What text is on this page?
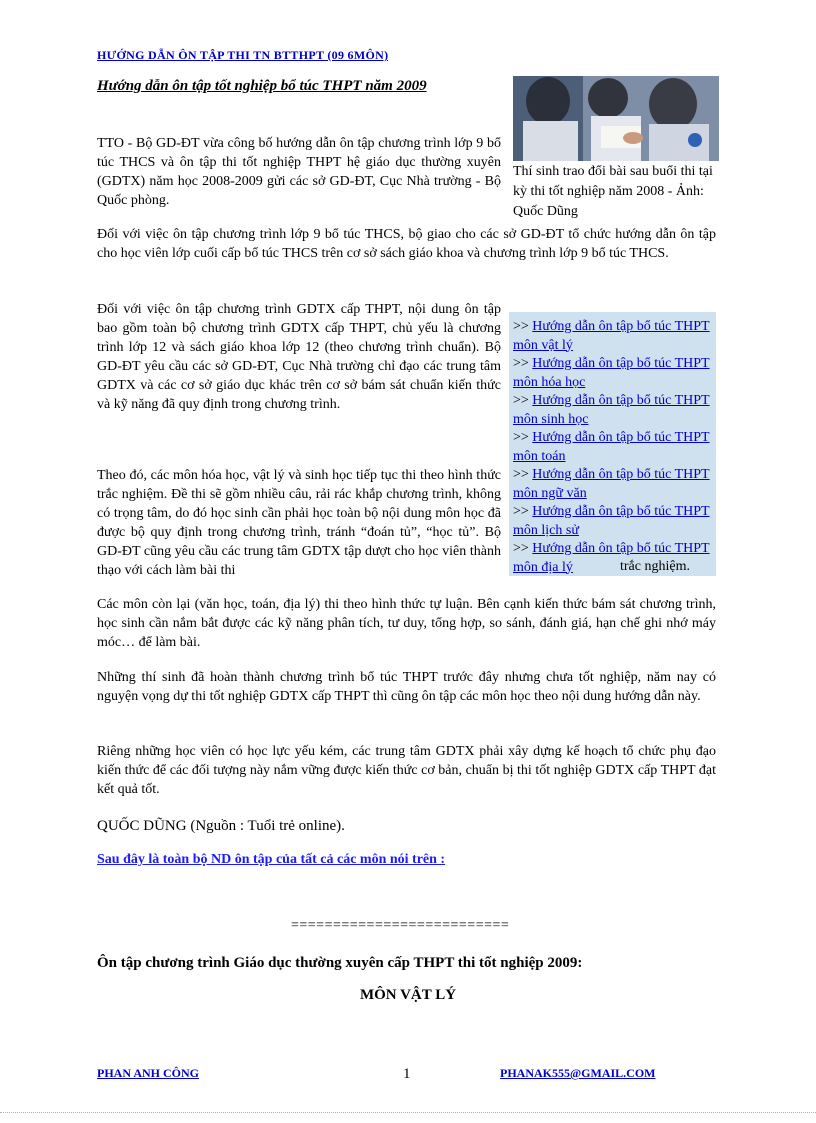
HƯỚNG DẪN ÔN TẬP THI TN BTTHPT (09 6MÔN)
Hướng dẫn ôn tập tốt nghiệp bổ túc THPT năm 2009
Thí sinh trao đổi bài sau buổi thi tại kỳ thi tốt nghiệp năm 2008 - Ảnh: Quốc Dũng

TTO - Bộ GD-ĐT vừa công bố hướng dẫn ôn tập chương trình lớp 9 bổ túc THCS và ôn tập thi tốt nghiệp THPT hệ giáo dục thường xuyên (GDTX) năm học 2008-2009 gửi các sở GD-ĐT, Cục Nhà trường - Bộ Quốc phòng.

Đối với việc ôn tập chương trình lớp 9 bổ túc THCS, bộ giao cho các sở GD-ĐT tổ chức hướng dẫn ôn tập cho học viên lớp cuối cấp bổ túc THCS trên cơ sở sách giáo khoa và chương trình lớp 9 bổ túc THCS.

Đối với việc ôn tập chương trình GDTX cấp THPT, nội dung ôn tập bao gồm toàn bộ chương trình GDTX cấp THPT, chủ yếu là chương trình lớp 12 và sách giáo khoa lớp 12 (theo chương trình chuẩn). Bộ GD-ĐT yêu cầu các sở GD-ĐT, Cục Nhà trường chỉ đạo các trung tâm GDTX và các cơ sở giáo dục khác trên cơ sở bám sát chuẩn kiến thức và kỹ năng đã quy định trong chương trình.

Theo đó, các môn hóa học, vật lý và sinh học tiếp tục thi theo hình thức trắc nghiệm. Đề thi sẽ gồm nhiều câu, rải rác khắp chương trình, không có trọng tâm, do đó học sinh cần phải học toàn bộ nội dung môn học đã được bộ quy định trong chương trình, tránh “đoán tủ”, “học tủ”. Bộ GD-ĐT cũng yêu cầu các trung tâm GDTX tập dượt cho học viên thành thạo với cách làm bài thi

>> Hướng dẫn ôn tập bổ túc THPT môn vật lý
>> Hướng dẫn ôn tập bổ túc THPT môn hóa học
>> Hướng dẫn ôn tập bổ túc THPT môn sinh học
>> Hướng dẫn ôn tập bổ túc THPT môn toán
>> Hướng dẫn ôn tập bổ túc THPT môn ngữ văn
>> Hướng dẫn ôn tập bổ túc THPT môn lịch sử
>> Hướng dẫn ôn tập bổ túc THPT môn địa lý	trắc nghiệm.

Các môn còn lại (văn học, toán, địa lý) thi theo hình thức tự luận. Bên cạnh kiến thức bám sát chương trình, học sinh cần nắm bắt được các kỹ năng phân tích, tư duy, tổng hợp, so sánh, đánh giá, hạn chế ghi nhớ máy móc… để làm bài.

Những thí sinh đã hoàn thành chương trình bổ túc THPT trước đây nhưng chưa tốt nghiệp, năm nay có nguyện vọng dự thi tốt nghiệp GDTX cấp THPT thì cũng ôn tập các môn học theo nội dung hướng dẫn này.

Riêng những học viên có học lực yếu kém, các trung tâm GDTX phải xây dựng kế hoạch tổ chức phụ đạo kiến thức để các đối tượng này nắm vững được kiến thức cơ bản, chuẩn bị thi tốt nghiệp GDTX cấp THPT đạt kết quả tốt.

QUỐC DŨNG (Nguồn : Tuổi trẻ online).
Sau đây là toàn bộ ND ôn tập của tất cả các môn nói trên :
==========================
Ôn tập chương trình Giáo dục thường xuyên cấp THPT thi tốt nghiệp 2009:
MÔN VẬT LÝ
PHAN ANH CÔNG	1	PHANAK555@GMAIL.COM
